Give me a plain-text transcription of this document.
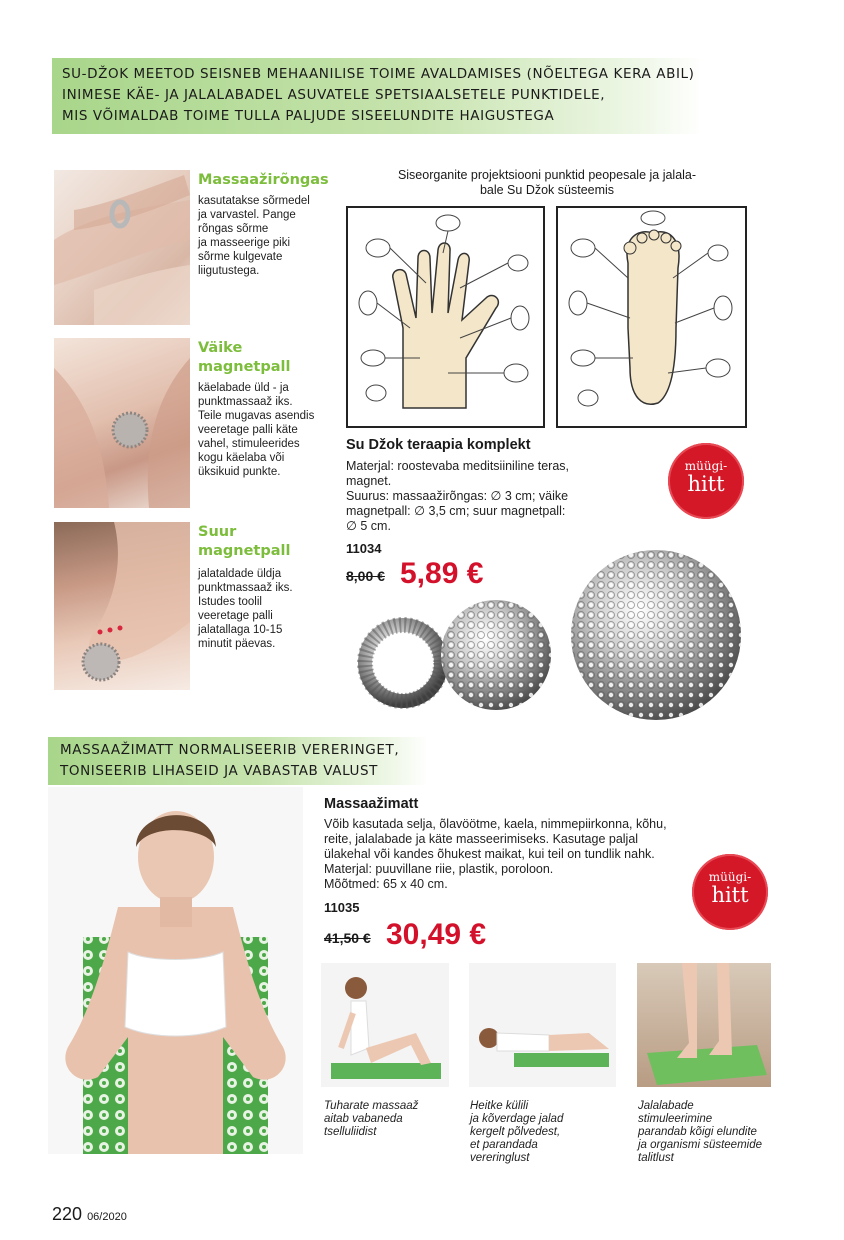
SU-DŽOK MEETOD SEISNEB MEHAANILISE TOIME AVALDAMISES (NÕELTEGA KERA ABIL)
INIMESE KÄE- JA JALALABADEL ASUVATELE SPETSIAALSETELE PUNKTIDELE,
MIS VÕIMALDAB TOIME TULLA PALJUDE SISEELUNDITE HAIGUSTEGA
Massaažirõngas
kasutatakse sõrmedel
ja varvastel. Pange
rõngas sõrme
ja masseerige piki
sõrme kulgevate
liigutustega.
Väike
magnetpall
käelabade üld - ja
punktmassaaž iks.
Teile mugavas asendis
veeretage palli käte
vahel, stimuleerides
kogu käelaba või
üksikuid punkte.
Suur
magnetpall
jalataldade üldja
punktmassaaž iks.
Istudes toolil
veeretage palli
jalatallaga 10-15
minutit päevas.
Siseorganite projektsiooni punktid peopesale ja jalala-
bale Su Džok süsteemis
Su Džok teraapia komplekt
Materjal: roostevaba meditsiiniline teras,
magnet.
Suurus: massaažirõngas: ∅ 3 cm; väike
magnetpall: ∅ 3,5 cm; suur magnetpall:
∅ 5 cm.
11034
8,00 € 5,89 €
müügi-
hitt
MASSAAŽIMATT NORMALISEERIB VERERINGET,
TONISEERIB LIHASEID JA VABASTAB VALUST
Massaažimatt
Võib kasutada selja, õlavöötme, kaela, nimmepiirkonna, kõhu,
reite, jalalabade ja käte masseerimiseks. Kasutage paljal
ülakehal või kandes õhukest maikat, kui teil on tundlik nahk.
Materjal: puuvillane riie, plastik, poroloon.
Mõõtmed: 65 x 40 cm.
11035
41,50 € 30,49 €
müügi-
hitt
Tuharate massaaž
aitab vabaneda
tselluliidist
Heitke külili
ja kõverdage jalad
kergelt põlvedest,
et parandada
vereringlust
Jalalabade
stimuleerimine
parandab kõigi elundite
ja organismi süsteemide
talitlust
220 06/2020
